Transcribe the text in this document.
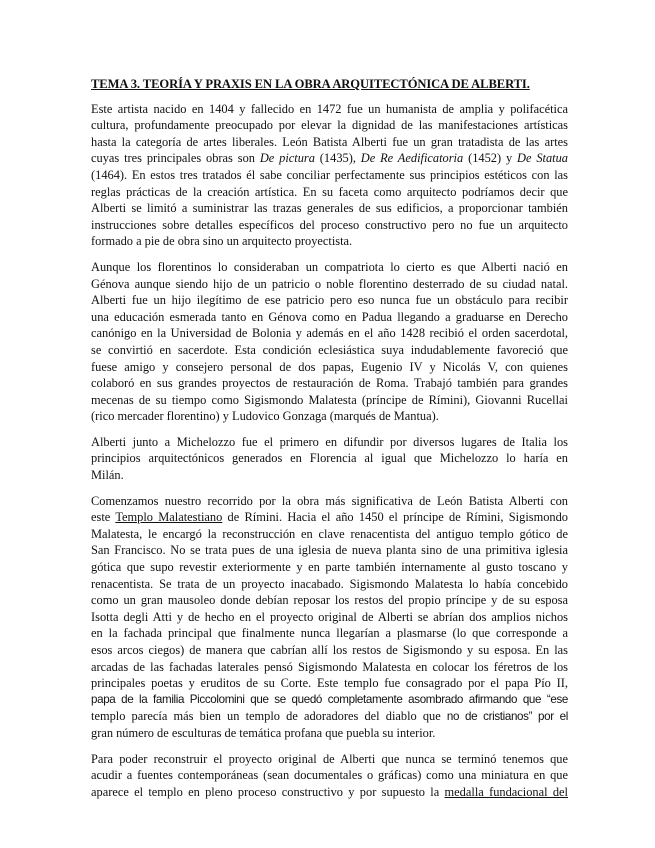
TEMA 3. TEORÍA Y PRAXIS EN LA OBRA ARQUITECTÓNICA DE ALBERTI.
Este artista nacido en 1404 y fallecido en 1472 fue un humanista de amplia y polifacética
cultura, profundamente preocupado por elevar la dignidad de las manifestaciones artísticas
hasta la categoría de artes liberales. León Batista Alberti fue un gran tratadista de las artes
cuyas tres principales obras son De pictura (1435), De Re Aedificatoria (1452) y De Statua
(1464). En estos tres tratados él sabe conciliar perfectamente sus principios estéticos con las
reglas prácticas de la creación artística. En su faceta como arquitecto podríamos decir que
Alberti se limitó a suministrar las trazas generales de sus edificios, a proporcionar también
instrucciones sobre detalles específicos del proceso constructivo pero no fue un arquitecto
formado a pie de obra sino un arquitecto proyectista.
Aunque los florentinos lo consideraban un compatriota lo cierto es que Alberti nació en
Génova aunque siendo hijo de un patricio o noble florentino desterrado de su ciudad natal.
Alberti fue un hijo ilegítimo de ese patricio pero eso nunca fue un obstáculo para recibir
una educación esmerada tanto en Génova como en Padua llegando a graduarse en Derecho
canónigo en la Universidad de Bolonia y además en el año 1428 recibió el orden sacerdotal,
se convirtió en sacerdote. Esta condición eclesiástica suya indudablemente favoreció que
fuese amigo y consejero personal de dos papas, Eugenio IV y Nicolás V, con quienes
colaboró en sus grandes proyectos de restauración de Roma. Trabajó también para grandes
mecenas de su tiempo como Sigismondo Malatesta (príncipe de Rímini), Giovanni Rucellai
(rico mercader florentino) y Ludovico Gonzaga (marqués de Mantua).
Alberti junto a Michelozzo fue el primero en difundir por diversos lugares de Italia los
principios arquitectónicos generados en Florencia al igual que Michelozzo lo haría en
Milán.
Comenzamos nuestro recorrido por la obra más significativa de León Batista Alberti con
este Templo Malatestiano de Rímini. Hacia el año 1450 el príncipe de Rímini, Sigismondo
Malatesta, le encargó la reconstrucción en clave renacentista del antiguo templo gótico de
San Francisco. No se trata pues de una iglesia de nueva planta sino de una primitiva iglesia
gótica que supo revestir exteriormente y en parte también internamente al gusto toscano y
renacentista. Se trata de un proyecto inacabado. Sigismondo Malatesta lo había concebido
como un gran mausoleo donde debían reposar los restos del propio príncipe y de su esposa
Isotta degli Atti y de hecho en el proyecto original de Alberti se abrían dos amplios nichos
en la fachada principal que finalmente nunca llegarían a plasmarse (lo que corresponde a
esos arcos ciegos) de manera que cabrían allí los restos de Sigismondo y su esposa. En las
arcadas de las fachadas laterales pensó Sigismondo Malatesta en colocar los féretros de los
principales poetas y eruditos de su Corte. Este templo fue consagrado por el papa Pío II,
papa de la familia Piccolomini que se quedó completamente asombrado afirmando que “ese
templo parecía más bien un templo de adoradores del diablo que no de cristianos” por el
gran número de esculturas de temática profana que puebla su interior.
Para poder reconstruir el proyecto original de Alberti que nunca se terminó tenemos que
acudir a fuentes contemporáneas (sean documentales o gráficas) como una miniatura en que
aparece el templo en pleno proceso constructivo y por supuesto la medalla fundacional del
